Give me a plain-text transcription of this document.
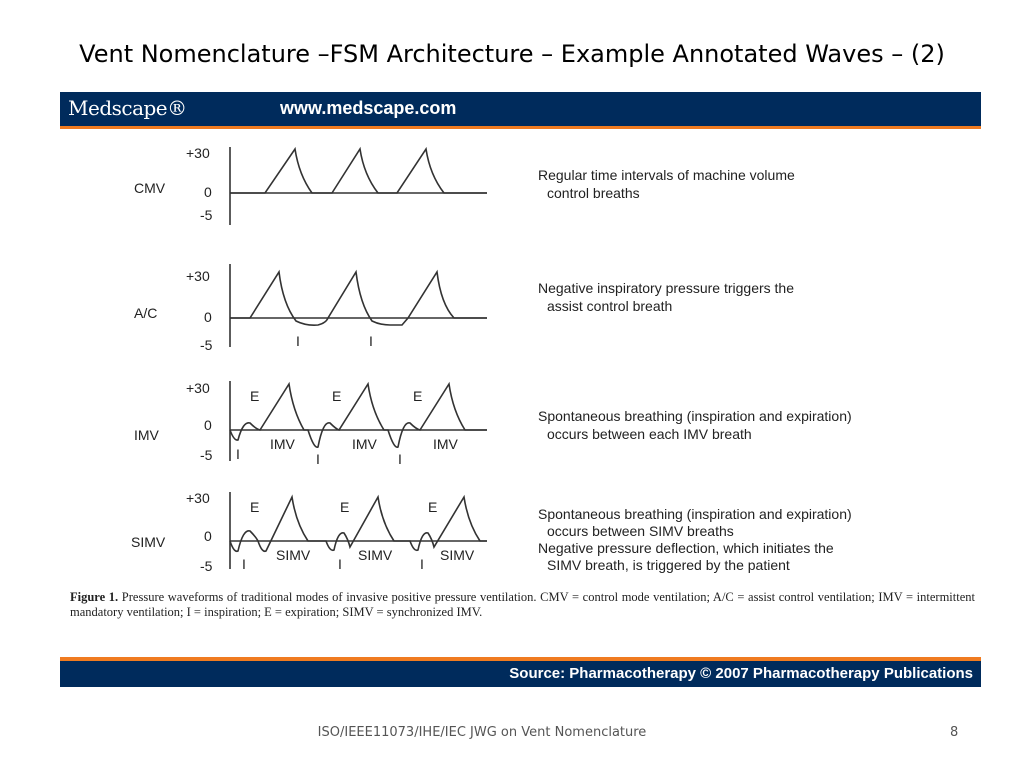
Vent Nomenclature –FSM Architecture – Example Annotated Waves – (2)
Medscape®	www.medscape.com
+30
0
-5
+30
0
-5
+30
0
-5
+30
0
-5
CMV
A/C
IMV
SIMV
I	I
E	E	E
I	I	I
IMV	IMV	IMV
E	E	E
I	I	I
SIMV	SIMV	SIMV
Regular time intervals of machine volume
control breaths
Negative inspiratory pressure triggers the
assist control breath
Spontaneous breathing (inspiration and expiration)
occurs between each IMV breath
Spontaneous breathing (inspiration and expiration)
occurs between SIMV breaths
Negative pressure deflection, which initiates the
SIMV breath, is triggered by the patient
Figure 1. Pressure waveforms of traditional modes of invasive positive pressure ventilation. CMV = control mode ventilation; A/C = assist control ventilation; IMV = intermittent mandatory ventilation; I = inspiration; E = expiration; SIMV = synchronized IMV.
Source: Pharmacotherapy © 2007 Pharmacotherapy Publications
ISO/IEEE11073/IHE/IEC JWG on Vent Nomenclature	8
